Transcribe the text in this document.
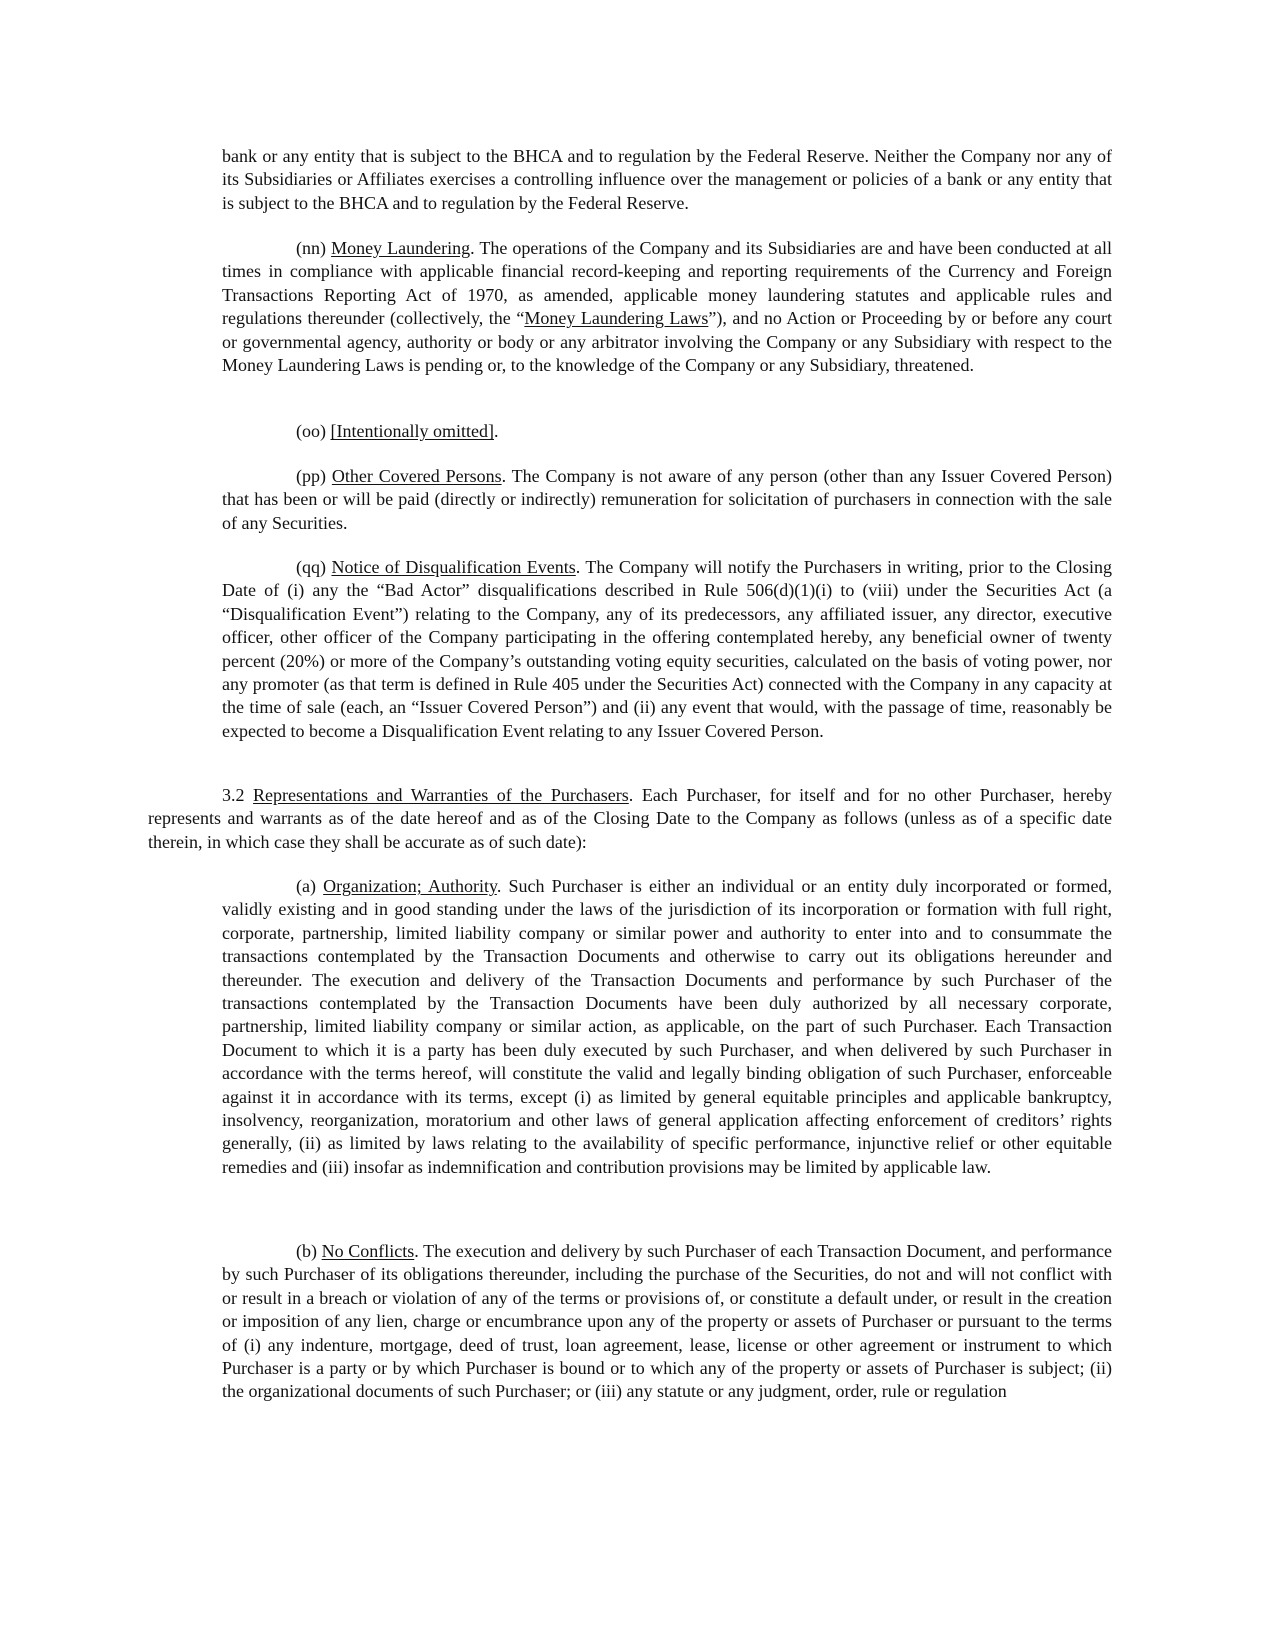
bank or any entity that is subject to the BHCA and to regulation by the Federal Reserve. Neither the Company nor any of its Subsidiaries or Affiliates exercises a controlling influence over the management or policies of a bank or any entity that is subject to the BHCA and to regulation by the Federal Reserve.

(nn) Money Laundering. The operations of the Company and its Subsidiaries are and have been conducted at all times in compliance with applicable financial record-keeping and reporting requirements of the Currency and Foreign Transactions Reporting Act of 1970, as amended, applicable money laundering statutes and applicable rules and regulations thereunder (collectively, the “Money Laundering Laws”), and no Action or Proceeding by or before any court or governmental agency, authority or body or any arbitrator involving the Company or any Subsidiary with respect to the Money Laundering Laws is pending or, to the knowledge of the Company or any Subsidiary, threatened.

(oo) [Intentionally omitted].

(pp) Other Covered Persons. The Company is not aware of any person (other than any Issuer Covered Person) that has been or will be paid (directly or indirectly) remuneration for solicitation of purchasers in connection with the sale of any Securities.

(qq) Notice of Disqualification Events. The Company will notify the Purchasers in writing, prior to the Closing Date of (i) any the “Bad Actor” disqualifications described in Rule 506(d)(1)(i) to (viii) under the Securities Act (a “Disqualification Event”) relating to the Company, any of its predecessors, any affiliated issuer, any director, executive officer, other officer of the Company participating in the offering contemplated hereby, any beneficial owner of twenty percent (20%) or more of the Company’s outstanding voting equity securities, calculated on the basis of voting power, nor any promoter (as that term is defined in Rule 405 under the Securities Act) connected with the Company in any capacity at the time of sale (each, an “Issuer Covered Person”) and (ii) any event that would, with the passage of time, reasonably be expected to become a Disqualification Event relating to any Issuer Covered Person.

3.2 Representations and Warranties of the Purchasers. Each Purchaser, for itself and for no other Purchaser, hereby represents and warrants as of the date hereof and as of the Closing Date to the Company as follows (unless as of a specific date therein, in which case they shall be accurate as of such date):

(a) Organization; Authority. Such Purchaser is either an individual or an entity duly incorporated or formed, validly existing and in good standing under the laws of the jurisdiction of its incorporation or formation with full right, corporate, partnership, limited liability company or similar power and authority to enter into and to consummate the transactions contemplated by the Transaction Documents and otherwise to carry out its obligations hereunder and thereunder. The execution and delivery of the Transaction Documents and performance by such Purchaser of the transactions contemplated by the Transaction Documents have been duly authorized by all necessary corporate, partnership, limited liability company or similar action, as applicable, on the part of such Purchaser. Each Transaction Document to which it is a party has been duly executed by such Purchaser, and when delivered by such Purchaser in accordance with the terms hereof, will constitute the valid and legally binding obligation of such Purchaser, enforceable against it in accordance with its terms, except (i) as limited by general equitable principles and applicable bankruptcy, insolvency, reorganization, moratorium and other laws of general application affecting enforcement of creditors’ rights generally, (ii) as limited by laws relating to the availability of specific performance, injunctive relief or other equitable remedies and (iii) insofar as indemnification and contribution provisions may be limited by applicable law.

(b) No Conflicts. The execution and delivery by such Purchaser of each Transaction Document, and performance by such Purchaser of its obligations thereunder, including the purchase of the Securities, do not and will not conflict with or result in a breach or violation of any of the terms or provisions of, or constitute a default under, or result in the creation or imposition of any lien, charge or encumbrance upon any of the property or assets of Purchaser or pursuant to the terms of (i) any indenture, mortgage, deed of trust, loan agreement, lease, license or other agreement or instrument to which Purchaser is a party or by which Purchaser is bound or to which any of the property or assets of Purchaser is subject; (ii) the organizational documents of such Purchaser; or (iii) any statute or any judgment, order, rule or regulation
